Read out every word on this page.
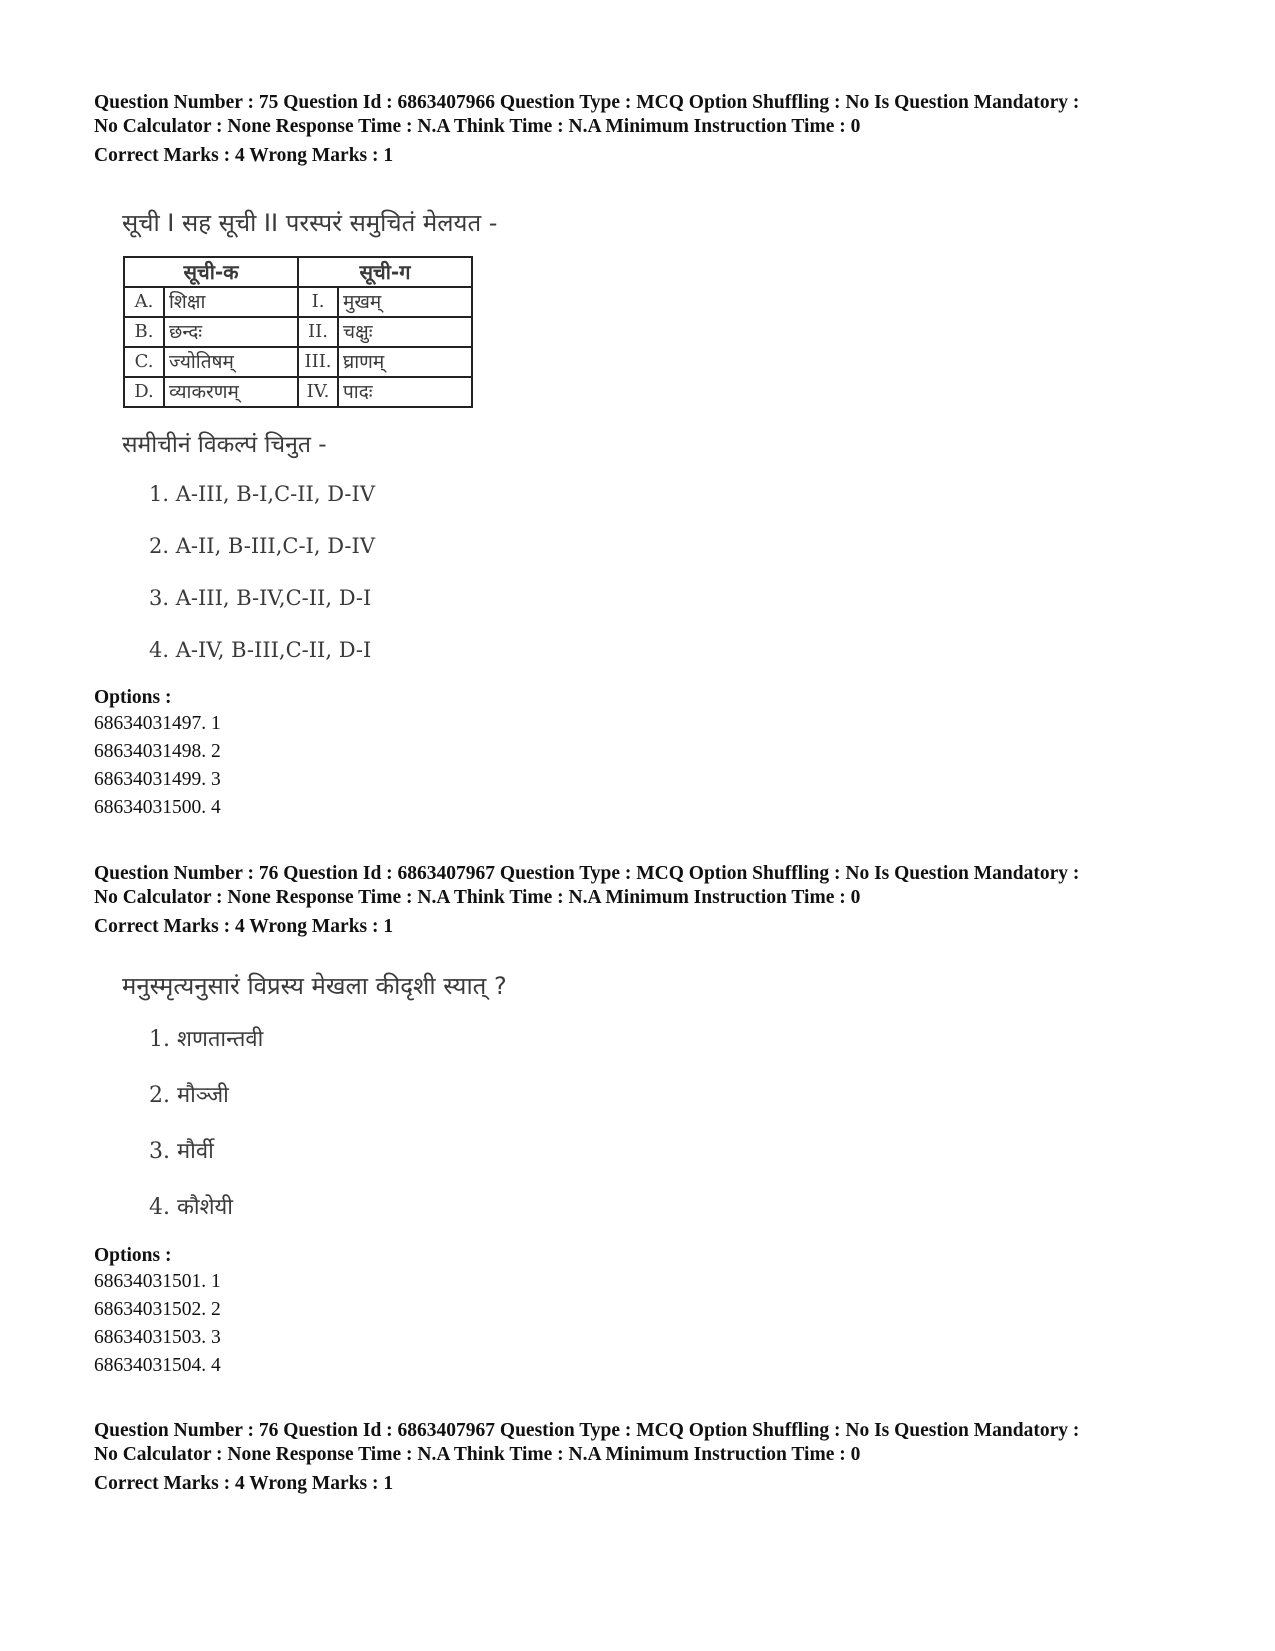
Question Number : 75 Question Id : 6863407966 Question Type : MCQ Option Shuffling : No Is Question Mandatory :
No Calculator : None Response Time : N.A Think Time : N.A Minimum Instruction Time : 0
Correct Marks : 4 Wrong Marks : 1
सूची I सह सूची II परस्परं समुचितं मेलयत -
सूची-क		सूची-ग	
A.	शिक्षा	I.	मुखम्
B.	छन्दः	II.	चक्षुः
C.	ज्योतिषम्	III.	घ्राणम्
D.	व्याकरणम्	IV.	पादः
समीचीनं विकल्पं चिनुत -
1. A-III, B-I,C-II, D-IV
2. A-II, B-III,C-I, D-IV
3. A-III, B-IV,C-II, D-I
4. A-IV, B-III,C-II, D-I
Options :
68634031497. 1
68634031498. 2
68634031499. 3
68634031500. 4
Question Number : 76 Question Id : 6863407967 Question Type : MCQ Option Shuffling : No Is Question Mandatory :
No Calculator : None Response Time : N.A Think Time : N.A Minimum Instruction Time : 0
Correct Marks : 4 Wrong Marks : 1
मनुस्मृत्यनुसारं विप्रस्य मेखला कीदृशी स्यात् ?
1. शणतान्तवी
2. मौञ्जी
3. मौर्वी
4. कौशेयी
Options :
68634031501. 1
68634031502. 2
68634031503. 3
68634031504. 4
Question Number : 76 Question Id : 6863407967 Question Type : MCQ Option Shuffling : No Is Question Mandatory :
No Calculator : None Response Time : N.A Think Time : N.A Minimum Instruction Time : 0
Correct Marks : 4 Wrong Marks : 1
